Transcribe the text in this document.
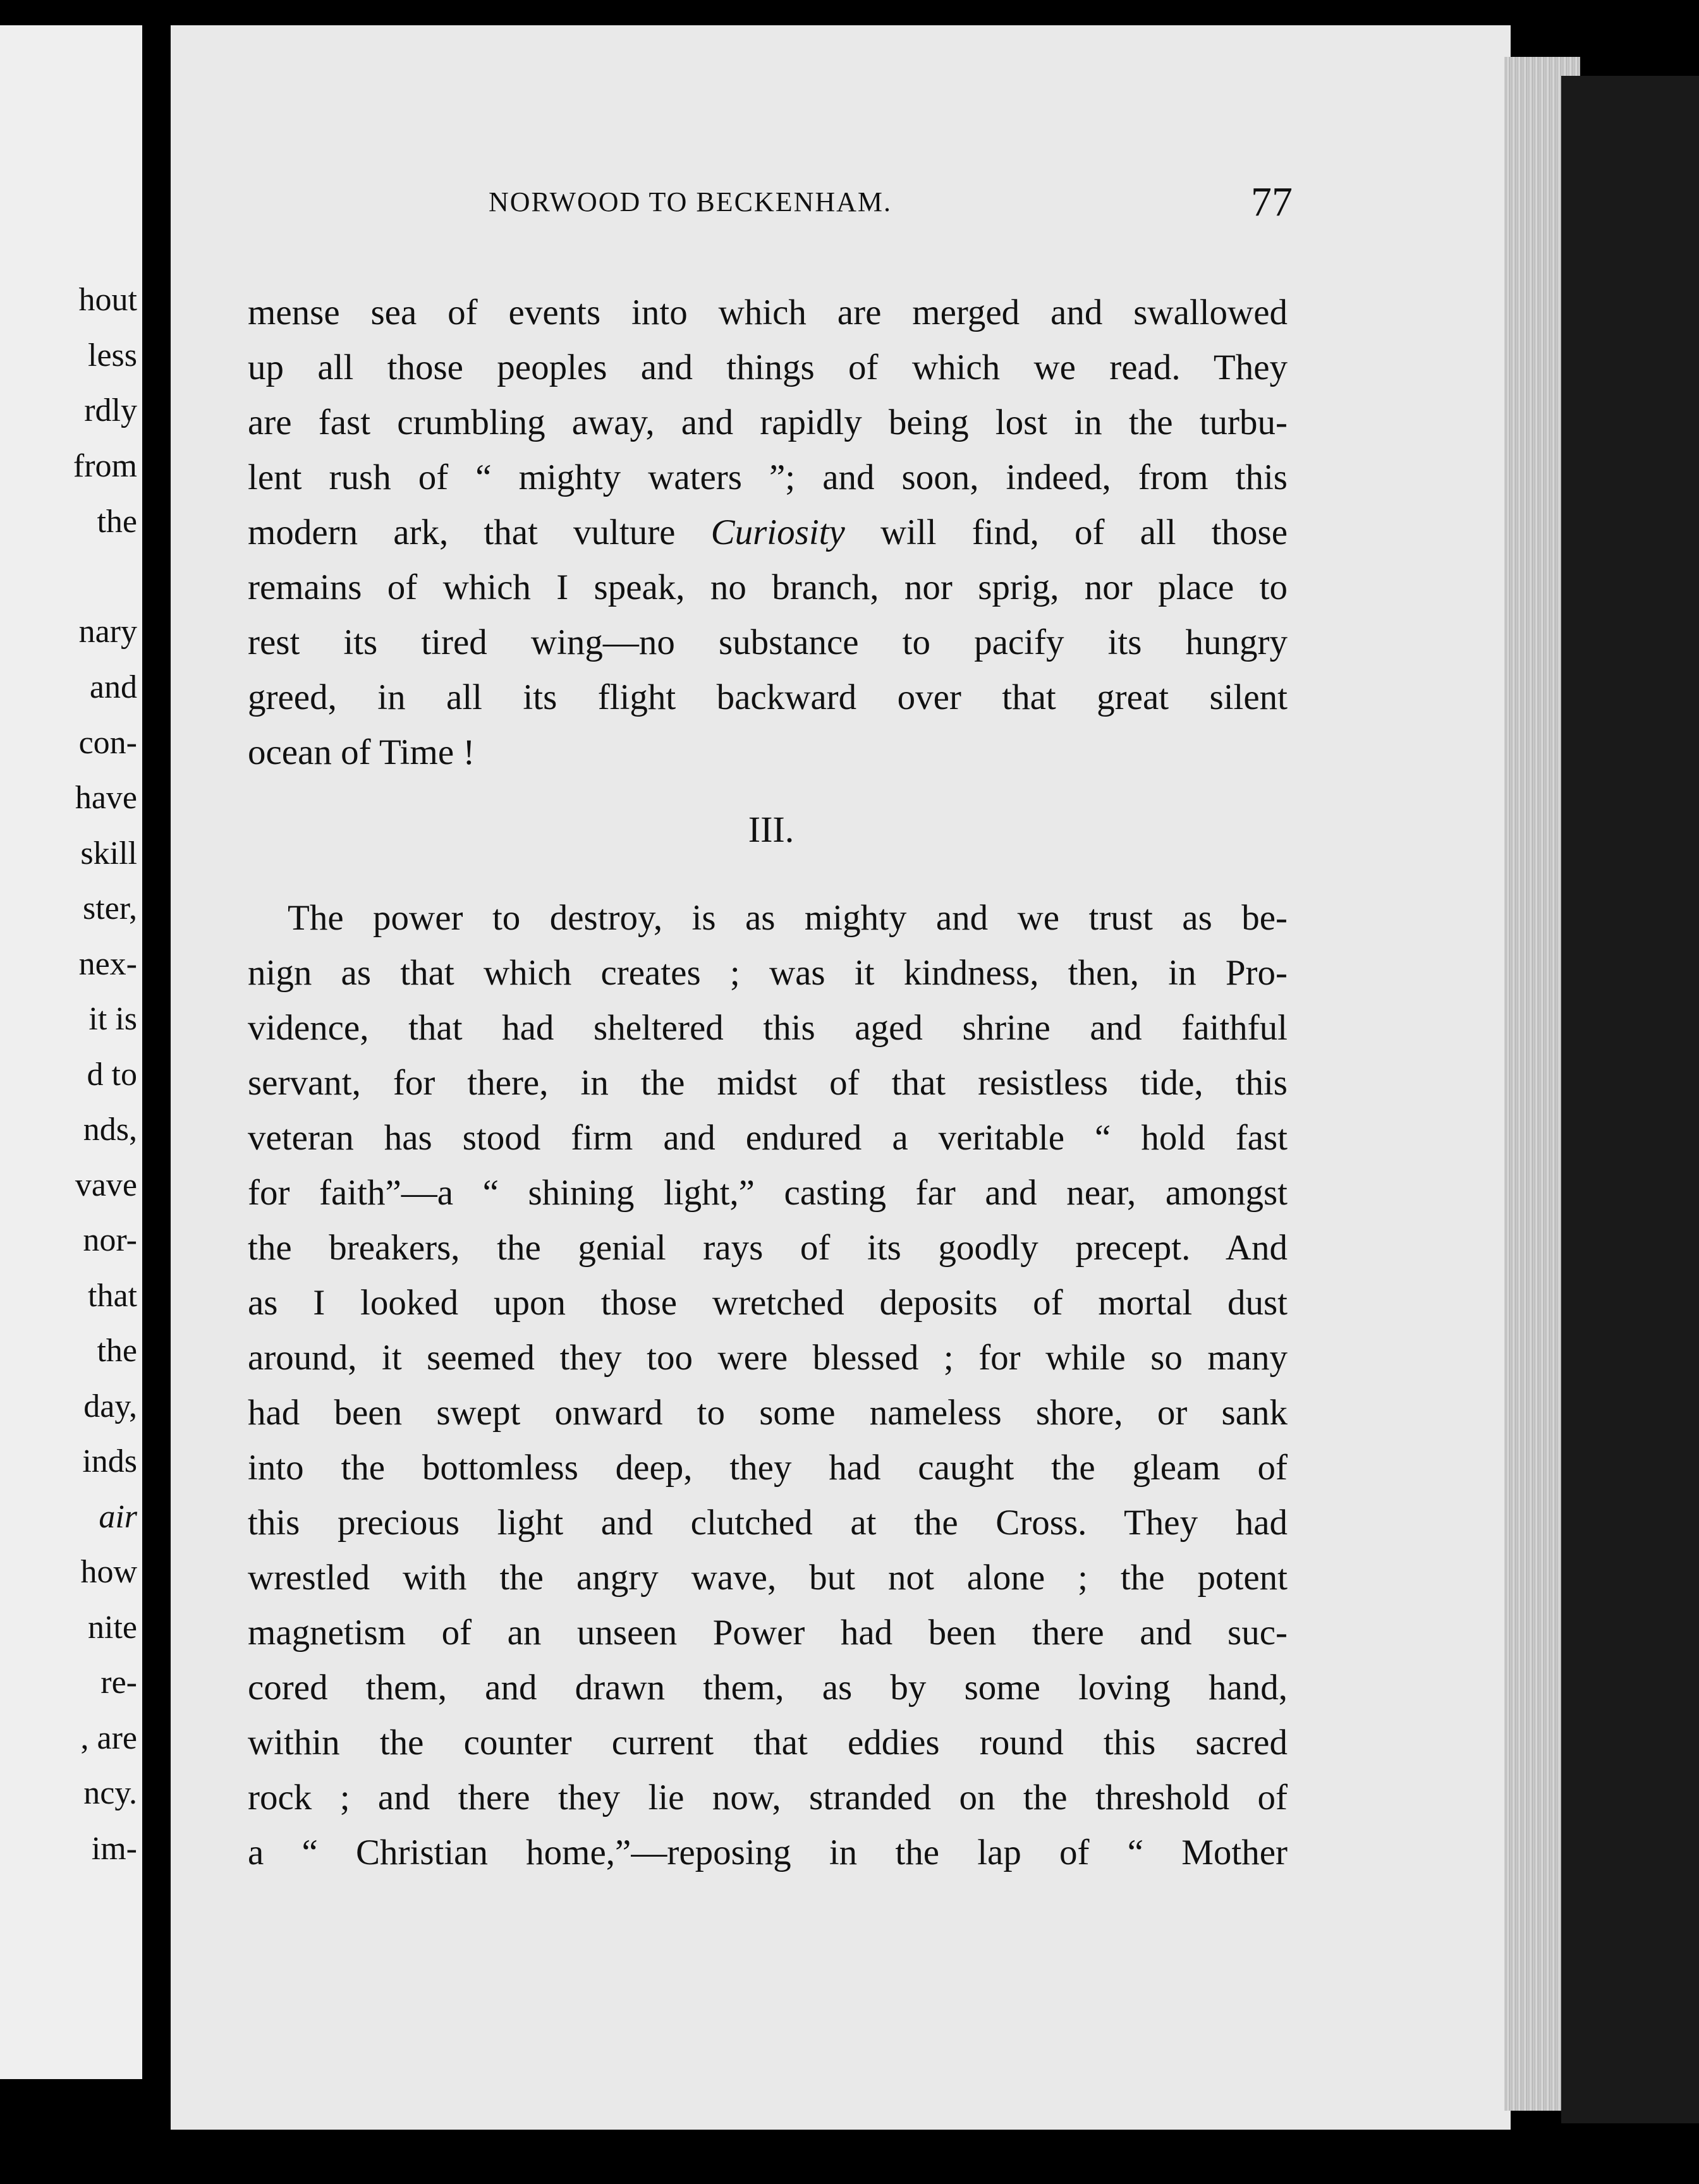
hout
less
rdly
from
the
nary
and
con-
have
skill
ster,
nex-
it is
d to
nds,
vave
nor-
that
the
day,
inds
air
how
nite
re-
, are
ncy.
im-
NORWOOD TO BECKENHAM.	77
mense sea of events into which are merged and swallowed
up all those peoples and things of which we read. They
are fast crumbling away, and rapidly being lost in the turbu-
lent rush of “ mighty waters ”; and soon, indeed, from this
modern ark, that vulture Curiosity will find, of all those
remains of which I speak, no branch, nor sprig, nor place to
rest its tired wing—no substance to pacify its hungry
greed, in all its flight backward over that great silent
ocean of Time !
III.
The power to destroy, is as mighty and we trust as be-
nign as that which creates ; was it kindness, then, in Pro-
vidence, that had sheltered this aged shrine and faithful
servant, for there, in the midst of that resistless tide, this
veteran has stood firm and endured a veritable “ hold fast
for faith”—a “ shining light,” casting far and near, amongst
the breakers, the genial rays of its goodly precept. And
as I looked upon those wretched deposits of mortal dust
around, it seemed they too were blessed ; for while so many
had been swept onward to some nameless shore, or sank
into the bottomless deep, they had caught the gleam of
this precious light and clutched at the Cross. They had
wrestled with the angry wave, but not alone ; the potent
magnetism of an unseen Power had been there and suc-
cored them, and drawn them, as by some loving hand,
within the counter current that eddies round this sacred
rock ; and there they lie now, stranded on the threshold of
a “ Christian home,”—reposing in the lap of “ Mother
